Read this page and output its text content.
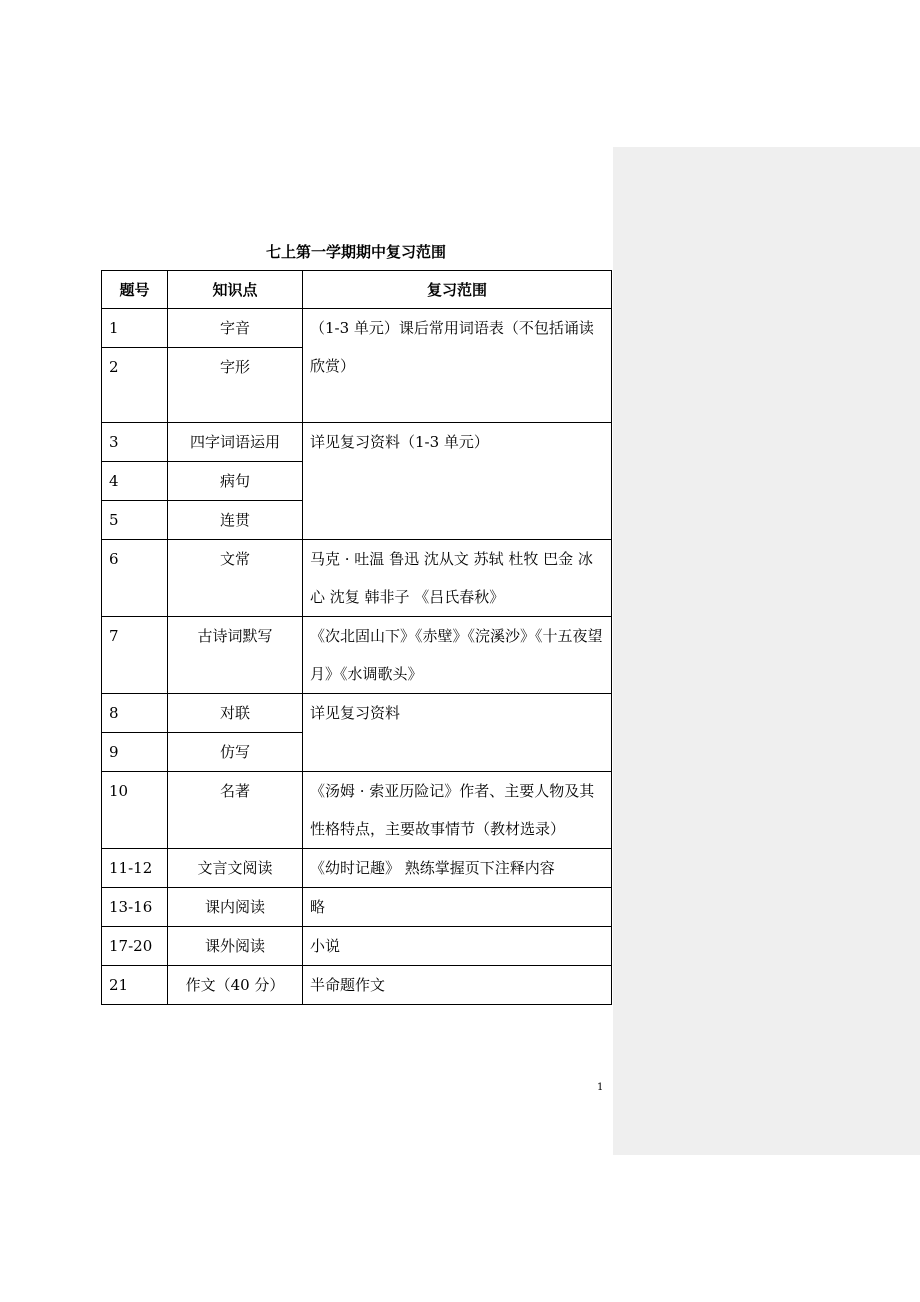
七上第一学期期中复习范围
题号	知识点	复习范围
1	字音	（1-3 单元）课后常用词语表（不包括诵读欣赏）
2	字形	
3	四字词语运用	详见复习资料（1-3 单元）
4	病句	
5	连贯	
6	文常	马克 · 吐温 鲁迅 沈从文 苏轼 杜牧 巴金 冰心 沈复 韩非子 《吕氏春秋》
7	古诗词默写	《次北固山下》《赤壁》《浣溪沙》《十五夜望月》《水调歌头》
8	对联	详见复习资料
9	仿写	
10	名著	《汤姆 · 索亚历险记》作者、主要人物及其性格特点，主要故事情节（教材选录）
11-12	文言文阅读	《幼时记趣》 熟练掌握页下注释内容
13-16	课内阅读	略
17-20	课外阅读	小说
21	作文（40 分）	半命题作文
1
